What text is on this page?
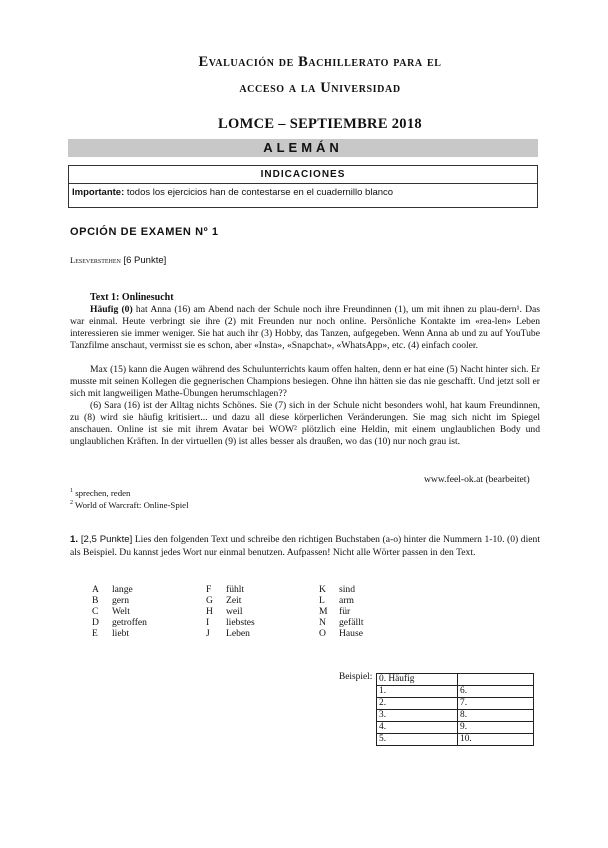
Evaluación de Bachillerato para el
acceso a la Universidad
LOMCE – SEPTIEMBRE 2018
ALEMÁN
INDICACIONES
Importante: todos los ejercicios han de contestarse en el cuadernillo blanco
OPCIÓN DE EXAMEN Nº 1
Leseverstehen [6 Punkte]
Text 1: Onlinesucht
Häufig (0) hat Anna (16) am Abend nach der Schule noch ihre Freundinnen (1), um mit ihnen zu plau-dern¹. Das war einmal. Heute verbringt sie ihre (2) mit Freunden nur noch online. Persönliche Kontakte im «rea-len» Leben interessieren sie immer weniger. Sie hat auch ihr (3) Hobby, das Tanzen, aufgegeben. Wenn Anna ab und zu auf YouTube Tanzfilme anschaut, vermisst sie es schon, aber «Insta», «Snapchat», «WhatsApp», etc. (4) einfach cooler.
Max (15) kann die Augen während des Schulunterrichts kaum offen halten, denn er hat eine (5) Nacht hinter sich. Er musste mit seinen Kollegen die gegnerischen Champions besiegen. Ohne ihn hätten sie das nie geschafft. Und jetzt soll er sich mit langweiligen Mathe-Übungen herumschlagen??
(6) Sara (16) ist der Alltag nichts Schönes. Sie (7) sich in der Schule nicht besonders wohl, hat kaum Freundinnen, zu (8) wird sie häufig kritisiert... und dazu all diese körperlichen Veränderungen. Sie mag sich nicht im Spiegel anschauen. Online ist sie mit ihrem Avatar bei WOW² plötzlich eine Heldin, mit einem unglaublichen Body und unglaublichen Kräften. In der virtuellen (9) ist alles besser als draußen, wo das (10) nur noch grau ist.
www.feel-ok.at (bearbeitet)
$^1$ sprechen, reden
$^2$ World of Warcraft: Online-Spiel
1. [2,5 Punkte] Lies den folgenden Text und schreibe den richtigen Buchstaben (a-o) hinter die Nummern 1-10. (0) dient als Beispiel. Du kannst jedes Wort nur einmal benutzen. Aufpassen! Nicht alle Wörter passen in den Text.
A lange
B gern
C Welt
D getroffen
E liebt
F fühlt
G Zeit
H weil
I liebstes
J Leben
K sind
L arm
M für
N gefällt
O Hause
Beispiel: 0. Häufig	
1.	6.
2.	7.
3.	8.
4.	9.
5.	10.
